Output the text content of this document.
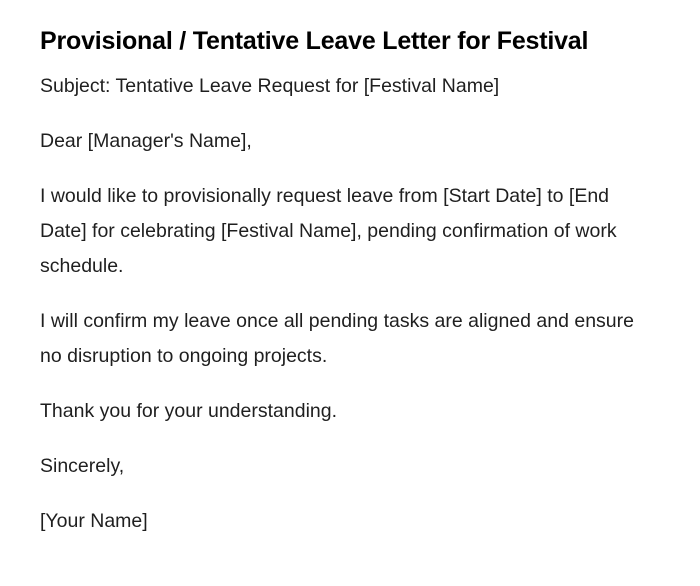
Provisional / Tentative Leave Letter for Festival

Subject: Tentative Leave Request for [Festival Name]

Dear [Manager's Name],

I would like to provisionally request leave from [Start Date] to [End Date] for celebrating [Festival Name], pending confirmation of work schedule.

I will confirm my leave once all pending tasks are aligned and ensure no disruption to ongoing projects.

Thank you for your understanding.

Sincerely,

[Your Name]
